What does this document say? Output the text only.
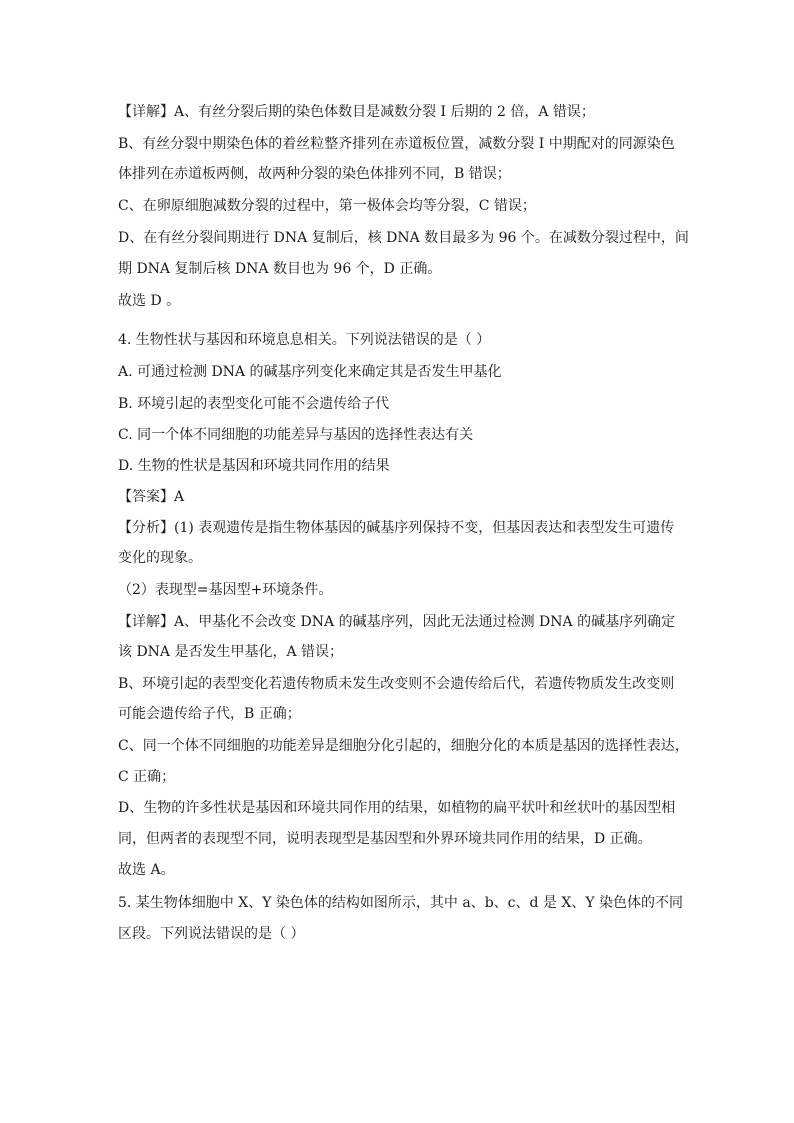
【详解】A、有丝分裂后期的染色体数目是减数分裂 I 后期的 2 倍，A 错误；
B、有丝分裂中期染色体的着丝粒整齐排列在赤道板位置，减数分裂 I 中期配对的同源染色
体排列在赤道板两侧，故两种分裂的染色体排列不同，B 错误；
C、在卵原细胞减数分裂的过程中，第一极体会均等分裂，C 错误；
D、在有丝分裂间期进行 DNA 复制后，核 DNA 数目最多为 96 个。在减数分裂过程中，间
期 DNA 复制后核 DNA 数目也为 96 个，D 正确。
故选 D 。
4. 生物性状与基因和环境息息相关。下列说法错误的是（ ）
A. 可通过检测 DNA 的碱基序列变化来确定其是否发生甲基化
B. 环境引起的表型变化可能不会遗传给子代
C. 同一个体不同细胞的功能差异与基因的选择性表达有关
D. 生物的性状是基因和环境共同作用的结果
【答案】A
【分析】(1) 表观遗传是指生物体基因的碱基序列保持不变，但基因表达和表型发生可遗传
变化的现象。
（2）表现型=基因型+环境条件。
【详解】A、甲基化不会改变 DNA 的碱基序列，因此无法通过检测 DNA 的碱基序列确定
该 DNA 是否发生甲基化，A 错误；
B、环境引起的表型变化若遗传物质未发生改变则不会遗传给后代，若遗传物质发生改变则
可能会遗传给子代，B 正确；
C、同一个体不同细胞的功能差异是细胞分化引起的，细胞分化的本质是基因的选择性表达，
C 正确；
D、生物的许多性状是基因和环境共同作用的结果，如植物的扁平状叶和丝状叶的基因型相
同，但两者的表现型不同，说明表现型是基因型和外界环境共同作用的结果，D 正确。
故选 A。
5. 某生物体细胞中 X、Y 染色体的结构如图所示，其中 a、b、c、d 是 X、Y 染色体的不同
区段。下列说法错误的是（ ）
